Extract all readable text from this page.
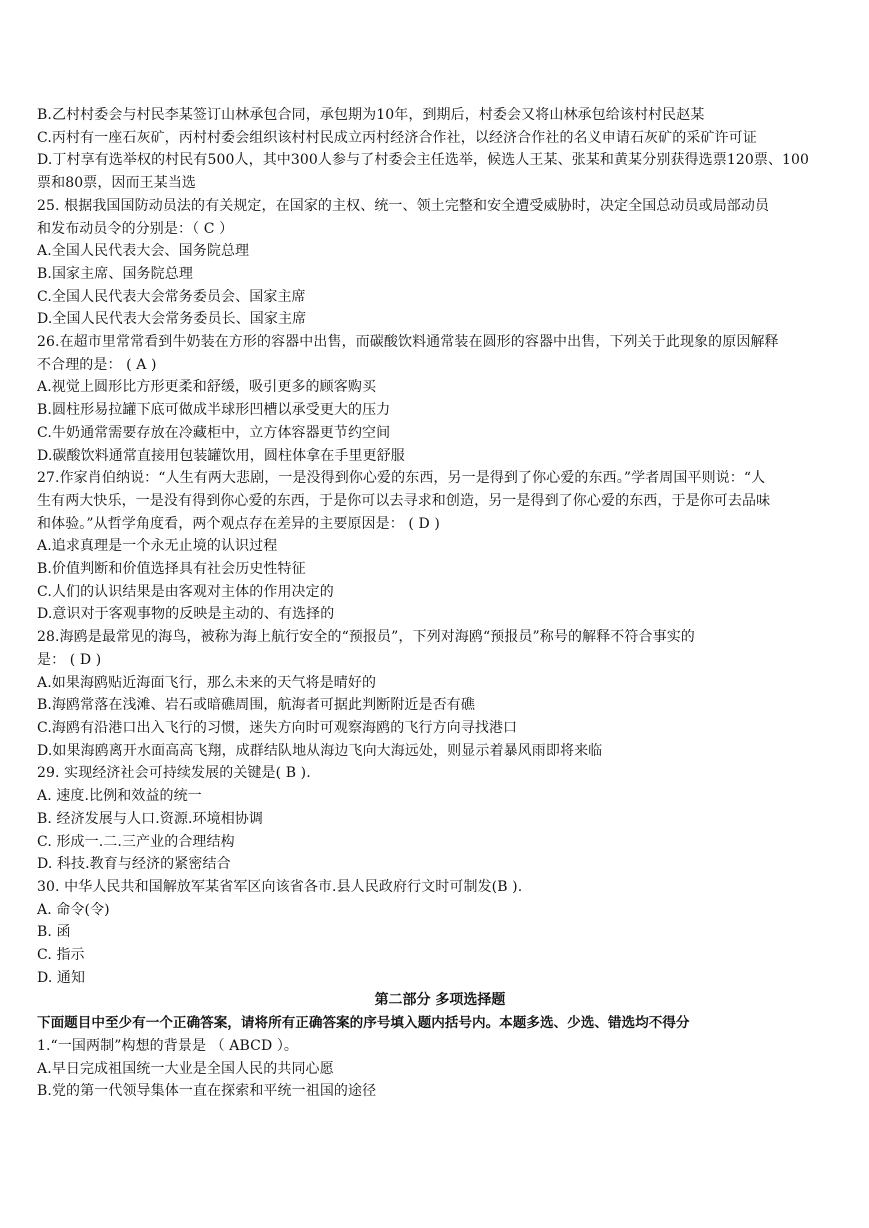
B.乙村村委会与村民李某签订山林承包合同，承包期为10年，到期后，村委会又将山林承包给该村村民赵某
C.丙村有一座石灰矿，丙村村委会组织该村村民成立丙村经济合作社，以经济合作社的名义申请石灰矿的采矿许可证
D.丁村享有选举权的村民有500人，其中300人参与了村委会主任选举，候选人王某、张某和黄某分别获得选票120票、100
票和80票，因而王某当选
25. 根据我国国防动员法的有关规定，在国家的主权、统一、领土完整和安全遭受威胁时，决定全国总动员或局部动员
和发布动员令的分别是：（ C ）
A.全国人民代表大会、国务院总理
B.国家主席、国务院总理
C.全国人民代表大会常务委员会、国家主席
D.全国人民代表大会常务委员长、国家主席
26.在超市里常常看到牛奶装在方形的容器中出售，而碳酸饮料通常装在圆形的容器中出售，下列关于此现象的原因解释
不合理的是： ( A )
A.视觉上圆形比方形更柔和舒缓，吸引更多的顾客购买
B.圆柱形易拉罐下底可做成半球形凹槽以承受更大的压力
C.牛奶通常需要存放在冷藏柜中，立方体容器更节约空间
D.碳酸饮料通常直接用包装罐饮用，圆柱体拿在手里更舒服
27.作家肖伯纳说：“人生有两大悲剧，一是没得到你心爱的东西，另一是得到了你心爱的东西。”学者周国平则说：“人
生有两大快乐，一是没有得到你心爱的东西，于是你可以去寻求和创造，另一是得到了你心爱的东西，于是你可去品味
和体验。”从哲学角度看，两个观点存在差异的主要原因是： ( D )
A.追求真理是一个永无止境的认识过程
B.价值判断和价值选择具有社会历史性特征
C.人们的认识结果是由客观对主体的作用决定的
D.意识对于客观事物的反映是主动的、有选择的
28.海鸥是最常见的海鸟，被称为海上航行安全的“预报员”，下列对海鸥“预报员”称号的解释不符合事实的
是： ( D )
A.如果海鸥贴近海面飞行，那么未来的天气将是晴好的
B.海鸥常落在浅滩、岩石或暗礁周围，航海者可据此判断附近是否有礁
C.海鸥有沿港口出入飞行的习惯，迷失方向时可观察海鸥的飞行方向寻找港口
D.如果海鸥离开水面高高飞翔，成群结队地从海边飞向大海远处，则显示着暴风雨即将来临
29. 实现经济社会可持续发展的关键是( B ).
A. 速度.比例和效益的统一
B. 经济发展与人口.资源.环境相协调
C. 形成一.二.三产业的合理结构
D. 科技.教育与经济的紧密结合
30. 中华人民共和国解放军某省军区向该省各市.县人民政府行文时可制发(B ).
A. 命令(令)
B. 函
C. 指示
D. 通知
第二部分 多项选择题
下面题目中至少有一个正确答案，请将所有正确答案的序号填入题内括号内。本题多选、少选、错选均不得分
1.“一国两制”构想的背景是 （ ABCD ）。
A.早日完成祖国统一大业是全国人民的共同心愿
B.党的第一代领导集体一直在探索和平统一祖国的途径
